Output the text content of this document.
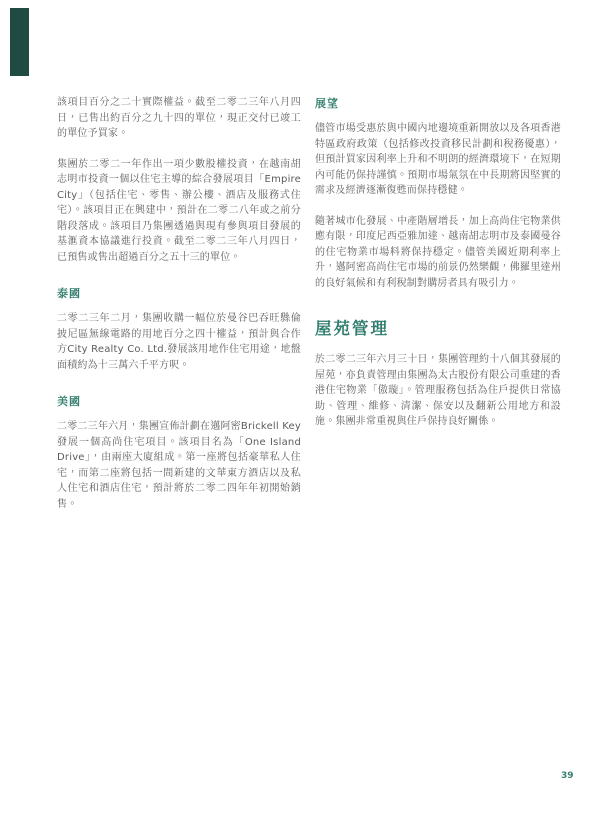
該項目百分之二十實際權益。截至二零二三年八月四日，已售出約百分之九十四的單位，現正交付已竣工的單位予買家。

集團於二零二一年作出一項少數股權投資，在越南胡志明市投資一個以住宅主導的綜合發展項目「Empire City」（包括住宅、零售、辦公樓、酒店及服務式住宅）。該項目正在興建中，預計在二零二八年或之前分階段落成。該項目乃集團透過與現有參與項目發展的基滙資本協議進行投資。截至二零二三年八月四日，已預售或售出超過百分之五十三的單位。

泰國

二零二三年二月，集團收購一幅位於曼谷巴吞旺縣倫披尼區無線電路的用地百分之四十權益，預計與合作方City Realty Co. Ltd.發展該用地作住宅用途，地盤面積約為十三萬六千平方呎。

美國

二零二三年六月，集團宣佈計劃在邁阿密Brickell Key發展一個高尚住宅項目。該項目名為「One Island Drive」，由兩座大廈組成。第一座將包括豪華私人住宅，而第二座將包括一間新建的文華東方酒店以及私人住宅和酒店住宅，預計將於二零二四年年初開始銷售。

展望

儘管市場受惠於與中國內地邊境重新開放以及各項香港特區政府政策（包括修改投資移民計劃和稅務優惠），但預計買家因利率上升和不明朗的經濟環境下，在短期內可能仍保持謹慎。預期市場氣氛在中長期將因堅實的需求及經濟逐漸復甦而保持穩健。

隨著城市化發展、中產階層增長，加上高尚住宅物業供應有限，印度尼西亞雅加達、越南胡志明市及泰國曼谷的住宅物業市場料將保持穩定。儘管美國近期利率上升，邁阿密高尚住宅市場的前景仍然樂觀，佛羅里達州的良好氣候和有利稅制對購房者具有吸引力。

屋苑管理

於二零二三年六月三十日，集團管理約十八個其發展的屋苑，亦負責管理由集團為太古股份有限公司重建的香港住宅物業「傲璇」。管理服務包括為住戶提供日常協助、管理、維修、清潔、保安以及翻新公用地方和設施。集團非常重視與住戶保持良好關係。

39
